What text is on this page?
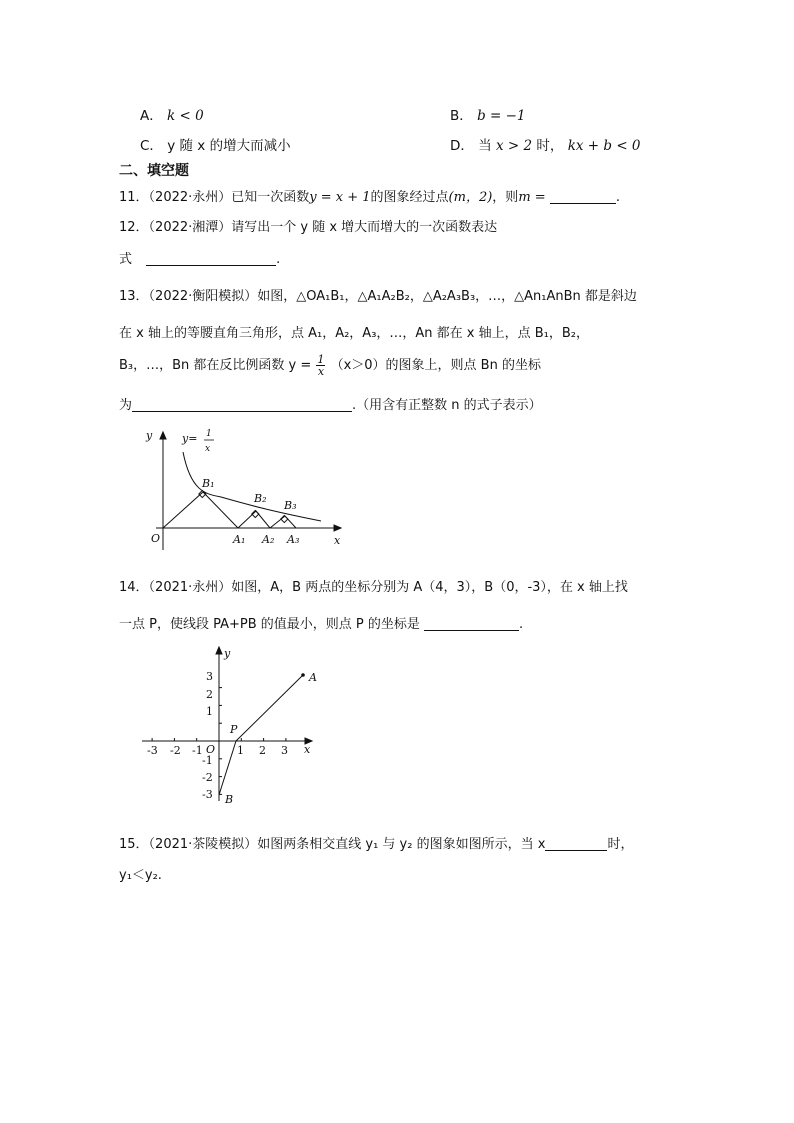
A． k < 0	B． b = −1
C． y 随 x 的增大而减小	D． 当 x > 2 时， kx + b < 0
二、填空题
11．（2022·永州）已知一次函数y = x + 1的图象经过点(m，2)，则m =	.
12．（2022·湘潭）请写出一个 y 随 x 增大而增大的一次函数表达
式	.
13．（2022·衡阳模拟）如图，△OA₁B₁，△A₁A₂B₂，△A₂A₃B₃，…，△An₁AnBn 都是斜边
在 x 轴上的等腰直角三角形，点 A₁，A₂，A₃，…，An 都在 x 轴上，点 B₁，B₂，
B₃，…，Bn 都在反比例函数 $y = \frac{1}{x} (x>0)$的图象上，则点 Bn 的坐标
为	.（用含有正整数 n 的式子表示）
y
x
O
y= 1
x
B₁
B₂
B₃
A₁ A₂ A₃
14．（2021·永州）如图，A，B 两点的坐标分别为 A（4，3），B（0，-3），在 x 轴上找
一点 P，使线段 PA+PB 的值最小，则点 P 的坐标是	.
y
x
O
-3 -2 -1	1 2 3
3
2
1
-1
-2
-3
A
B
P
15．（2021·茶陵模拟）如图两条相交直线 y₁ 与 y₂ 的图象如图所示，当 x	时，
y₁＜y₂.
